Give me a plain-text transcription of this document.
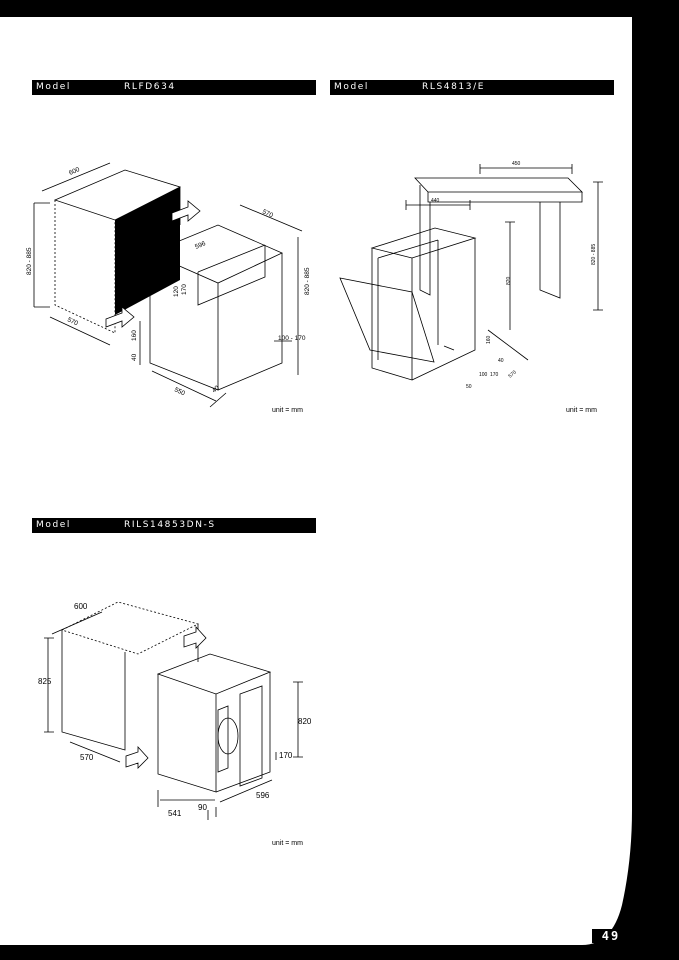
TECHNICAL SPECIFICATIONS
Model	RLFD634	Model	RLS4813/E
Model	RILS14853DN-S
600
820 - 885
570
570
596
120 170	820 - 885
160
40
100 - 170
550	40
unit = mm
450
440
820
820 - 885
160
40
100 170 570
50
unit = mm
600
825
570
820
170
596
541
90
unit = mm
49
